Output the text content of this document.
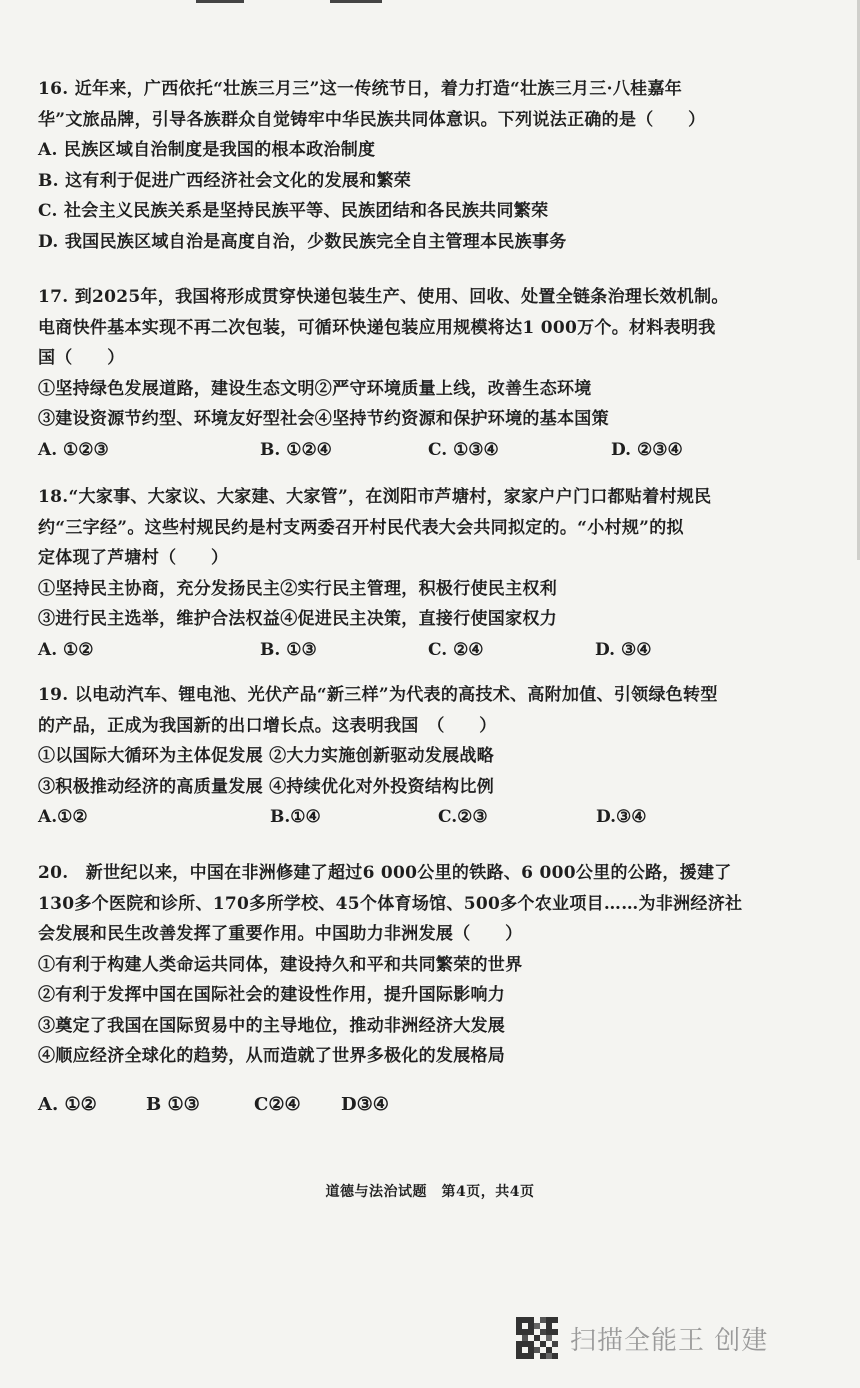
16. 近年来，广西依托“壮族三月三”这一传统节日，着力打造“壮族三月三·八桂嘉年
华”文旅品牌，引导各族群众自觉铸牢中华民族共同体意识。下列说法正确的是（　　）
A. 民族区域自治制度是我国的根本政治制度
B. 这有利于促进广西经济社会文化的发展和繁荣
C. 社会主义民族关系是坚持民族平等、民族团结和各民族共同繁荣
D. 我国民族区域自治是高度自治，少数民族完全自主管理本民族事务
17. 到2025年，我国将形成贯穿快递包装生产、使用、回收、处置全链条治理长效机制。
电商快件基本实现不再二次包装，可循环快递包装应用规模将达1 000万个。材料表明我
国（　　）
①坚持绿色发展道路，建设生态文明②严守环境质量上线，改善生态环境
③建设资源节约型、环境友好型社会④坚持节约资源和保护环境的基本国策
A. ①②③	B. ①②④	C. ①③④	D. ②③④
18.“大家事、大家议、大家建、大家管”，在浏阳市芦塘村，家家户户门口都贴着村规民
约“三字经”。这些村规民约是村支两委召开村民代表大会共同拟定的。“小村规”的拟
定体现了芦塘村（　　）
①坚持民主协商，充分发扬民主②实行民主管理，积极行使民主权利
③进行民主选举，维护合法权益④促进民主决策，直接行使国家权力
A. ①②	B. ①③	C. ②④	D. ③④
19. 以电动汽车、锂电池、光伏产品“新三样”为代表的高技术、高附加值、引领绿色转型
的产品，正成为我国新的出口增长点。这表明我国　（　　）
①以国际大循环为主体促发展 ②大力实施创新驱动发展战略
③积极推动经济的高质量发展 ④持续优化对外投资结构比例
A.①②	B.①④	C.②③	D.③④
20.　新世纪以来，中国在非洲修建了超过6 000公里的铁路、6 000公里的公路，援建了
130多个医院和诊所、170多所学校、45个体育场馆、500多个农业项目……为非洲经济社
会发展和民生改善发挥了重要作用。中国助力非洲发展（　　）
①有利于构建人类命运共同体，建设持久和平和共同繁荣的世界
②有利于发挥中国在国际社会的建设性作用，提升国际影响力
③奠定了我国在国际贸易中的主导地位，推动非洲经济大发展
④顺应经济全球化的趋势，从而造就了世界多极化的发展格局
A. ①②	B ①③	C②④ D③④
道德与法治试题　第4页，共4页
扫描全能王 创建
